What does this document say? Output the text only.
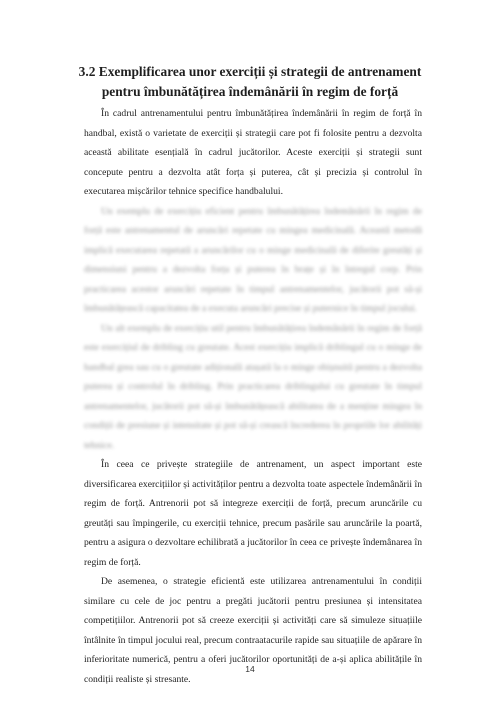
3.2 Exemplificarea unor exerciții și strategii de antrenament pentru îmbunătățirea îndemânării în regim de forță

În cadrul antrenamentului pentru îmbunătățirea îndemânării în regim de forță în handbal, există o varietate de exerciții și strategii care pot fi folosite pentru a dezvolta această abilitate esențială în cadrul jucătorilor. Aceste exerciții și strategii sunt concepute pentru a dezvolta atât forța și puterea, cât și precizia și controlul în executarea mișcărilor tehnice specifice handbalului.

Un exemplu de exercițiu eficient pentru îmbunătățirea îndemânării în regim de forță este antrenamentul de aruncări repetate cu mingea medicinală. Această metodă implică executarea repetată a aruncărilor cu o minge medicinală de diferite greutăți și dimensiuni pentru a dezvolta forța și puterea în brațe și în întregul corp. Prin practicarea acestor aruncări repetate în timpul antrenamentelor, jucătorii pot să-și îmbunătățească capacitatea de a executa aruncări precise și puternice în timpul jocului.

Un alt exemplu de exercițiu util pentru îmbunătățirea îndemânării în regim de forță este exercițiul de dribling cu greutate. Acest exercițiu implică driblingul cu o minge de handbal grea sau cu o greutate adițională atașată la o minge obișnuită pentru a dezvolta puterea și controlul în dribling. Prin practicarea driblingului cu greutate în timpul antrenamentelor, jucătorii pot să-și îmbunătățească abilitatea de a menține mingea în condiții de presiune și intensitate și pot să-și crească încrederea în propriile lor abilități tehnice.

În ceea ce privește strategiile de antrenament, un aspect important este diversificarea exercițiilor și activităților pentru a dezvolta toate aspectele îndemânării în regim de forță. Antrenorii pot să integreze exerciții de forță, precum aruncările cu greutăți sau împingerile, cu exerciții tehnice, precum pasările sau aruncările la poartă, pentru a asigura o dezvoltare echilibrată a jucătorilor în ceea ce privește îndemânarea în regim de forță.

De asemenea, o strategie eficientă este utilizarea antrenamentului în condiții similare cu cele de joc pentru a pregăti jucătorii pentru presiunea și intensitatea competițiilor. Antrenorii pot să creeze exerciții și activități care să simuleze situațiile întâlnite în timpul jocului real, precum contraatacurile rapide sau situațiile de apărare în inferioritate numerică, pentru a oferi jucătorilor oportunități de a-și aplica abilitățile în condiții realiste și stresante.

14
